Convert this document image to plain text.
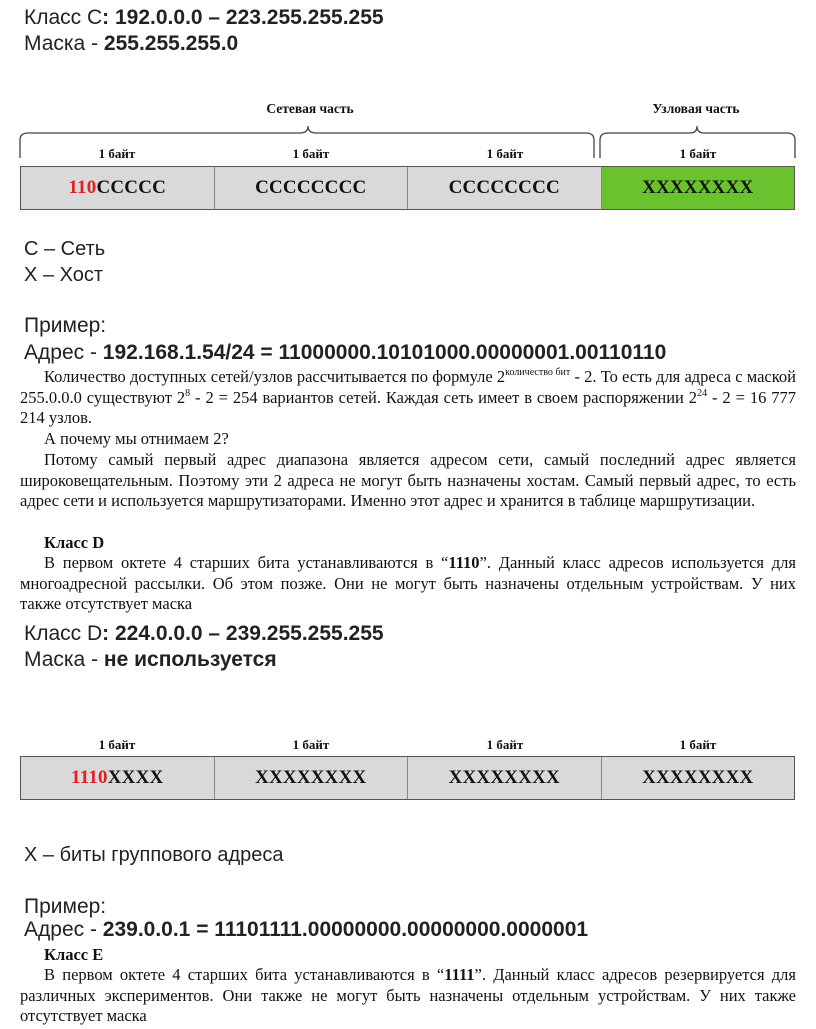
Класс С: 192.0.0.0 – 223.255.255.255
Маска - 255.255.255.0
Сетевая часть	Узловая часть
1 байт	1 байт	1 байт	1 байт
110 CCCCC	CCCCCCCC	CCCCCCCC	XXXXXXXX
С – Сеть
Х – Хост
Пример:
Адрес - 192.168.1.54/24 = 11000000.10101000.00000001.00110110
Количество доступных сетей/узлов рассчитывается по формуле $2^{количество бит} - 2$. То есть для адреса с маской 255.0.0.0 существуют $2^8 - 2 = 254$ вариантов сетей. Каждая сеть имеет в своем распоряжении $2^{24} - 2 = 16$ 777 214 узлов.
А почему мы отнимаем 2?
Потому самый первый адрес диапазона является адресом сети, самый последний адрес является широковещательным. Поэтому эти 2 адреса не могут быть назначены хостам. Самый первый адрес, то есть адрес сети и используется маршрутизаторами. Именно этот адрес и хранится в таблице маршрутизации.
Класс D
В первом октете 4 старших бита устанавливаются в “1110”. Данный класс адресов используется для многоадресной рассылки. Об этом позже. Они не могут быть назначены отдельным устройствам. У них также отсутствует маска
Класс D: 224.0.0.0 – 239.255.255.255
Маска - не используется
1 байт	1 байт	1 байт	1 байт
1110 XXXX	XXXXXXXX	XXXXXXXX	XXXXXXXX
Х – биты группового адреса
Пример:
Адрес - 239.0.0.1 = 11101111.00000000.00000000.0000001
Класс E
В первом октете 4 старших бита устанавливаются в “1111”. Данный класс адресов резервируется для различных экспериментов. Они также не могут быть назначены отдельным устройствам. У них также отсутствует маска
